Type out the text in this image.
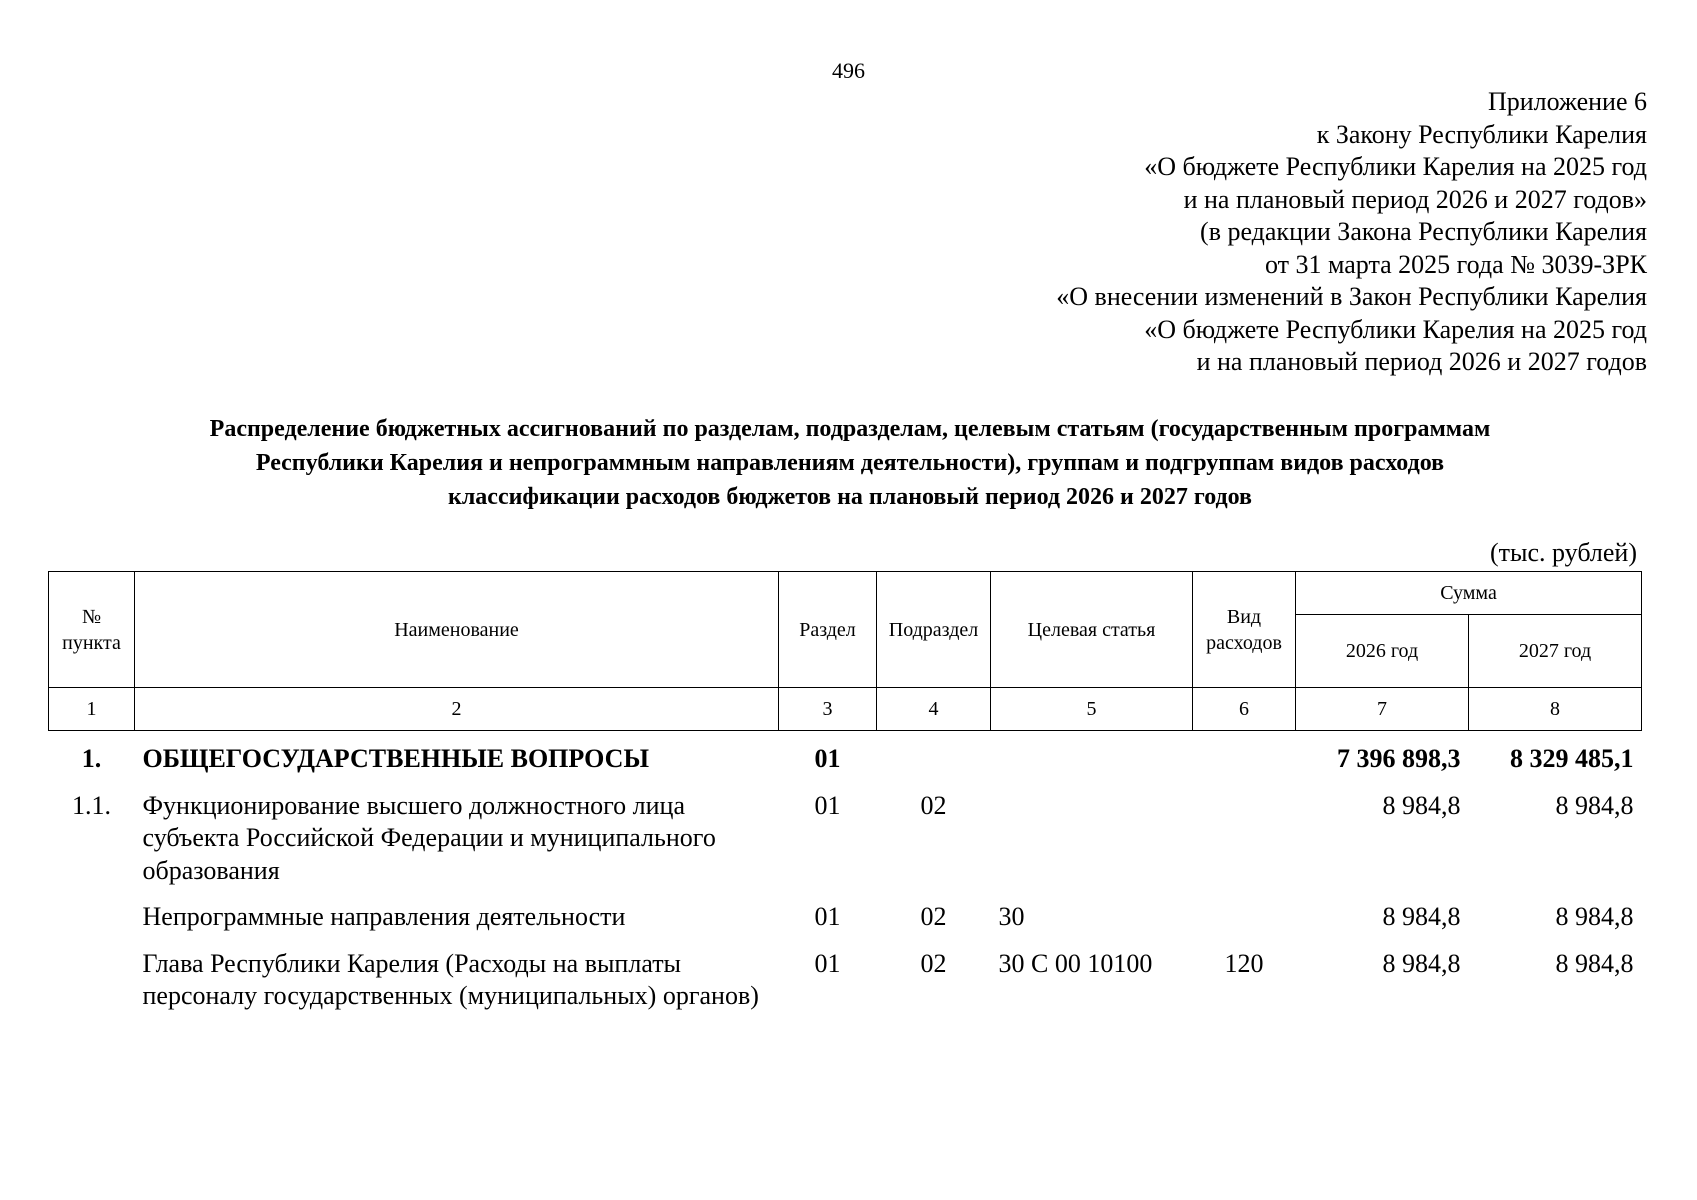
496
Приложение 6
к Закону Республики Карелия
«О бюджете Республики Карелия на 2025 год
и на плановый период 2026 и 2027 годов»
(в редакции Закона Республики Карелия
от 31 марта 2025 года № 3039-ЗРК
«О внесении изменений в Закон Республики Карелия
«О бюджете Республики Карелия на 2025 год
и на плановый период 2026 и 2027 годов
Распределение бюджетных ассигнований по разделам, подразделам, целевым статьям (государственным программам
Республики Карелия и непрограммным направлениям деятельности), группам и подгруппам видов расходов
классификации расходов бюджетов на плановый период 2026 и 2027 годов
(тыс. рублей)
№ пункта	Наименование	Раздел	Подраздел	Целевая статья	Вид расходов	Сумма	
						2026 год	2027 год
1	2	3	4	5	6	7	8
1.	ОБЩЕГОСУДАРСТВЕННЫЕ ВОПРОСЫ	01				7 396 898,3	8 329 485,1
1.1.	Функционирование высшего должностного лица субъекта Российской Федерации и муниципального образования	01	02			8 984,8	8 984,8
	Непрограммные направления деятельности	01	02	30		8 984,8	8 984,8
	Глава Республики Карелия (Расходы на выплаты персоналу государственных (муниципальных) органов)	01	02	30 С 00 10100	120	8 984,8	8 984,8
